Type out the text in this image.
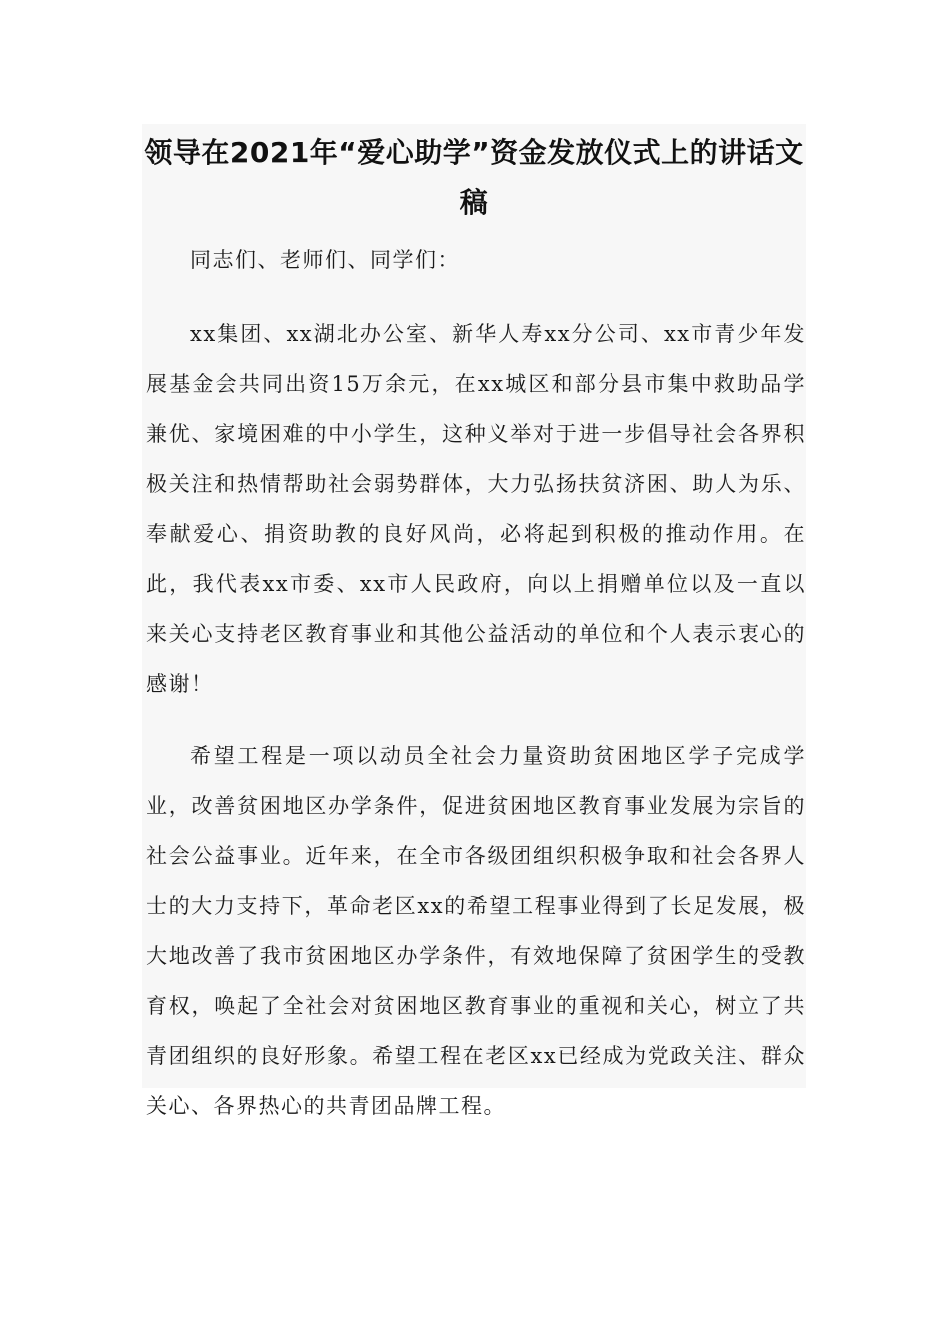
领导在2021年“爱心助学”资金发放仪式上的讲话文稿

同志们、老师们、同学们：

xx集团、xx湖北办公室、新华人寿xx分公司、xx市青少年发展基金会共同出资15万余元，在xx城区和部分县市集中救助品学兼优、家境困难的中小学生，这种义举对于进一步倡导社会各界积极关注和热情帮助社会弱势群体，大力弘扬扶贫济困、助人为乐、奉献爱心、捐资助教的良好风尚，必将起到积极的推动作用。在此，我代表xx市委、xx市人民政府，向以上捐赠单位以及一直以来关心支持老区教育事业和其他公益活动的单位和个人表示衷心的感谢！

希望工程是一项以动员全社会力量资助贫困地区学子完成学业，改善贫困地区办学条件，促进贫困地区教育事业发展为宗旨的社会公益事业。近年来，在全市各级团组织积极争取和社会各界人士的大力支持下，革命老区xx的希望工程事业得到了长足发展，极大地改善了我市贫困地区办学条件，有效地保障了贫困学生的受教育权，唤起了全社会对贫困地区教育事业的重视和关心，树立了共青团组织的良好形象。希望工程在老区xx已经成为党政关注、群众关心、各界热心的共青团品牌工程。
